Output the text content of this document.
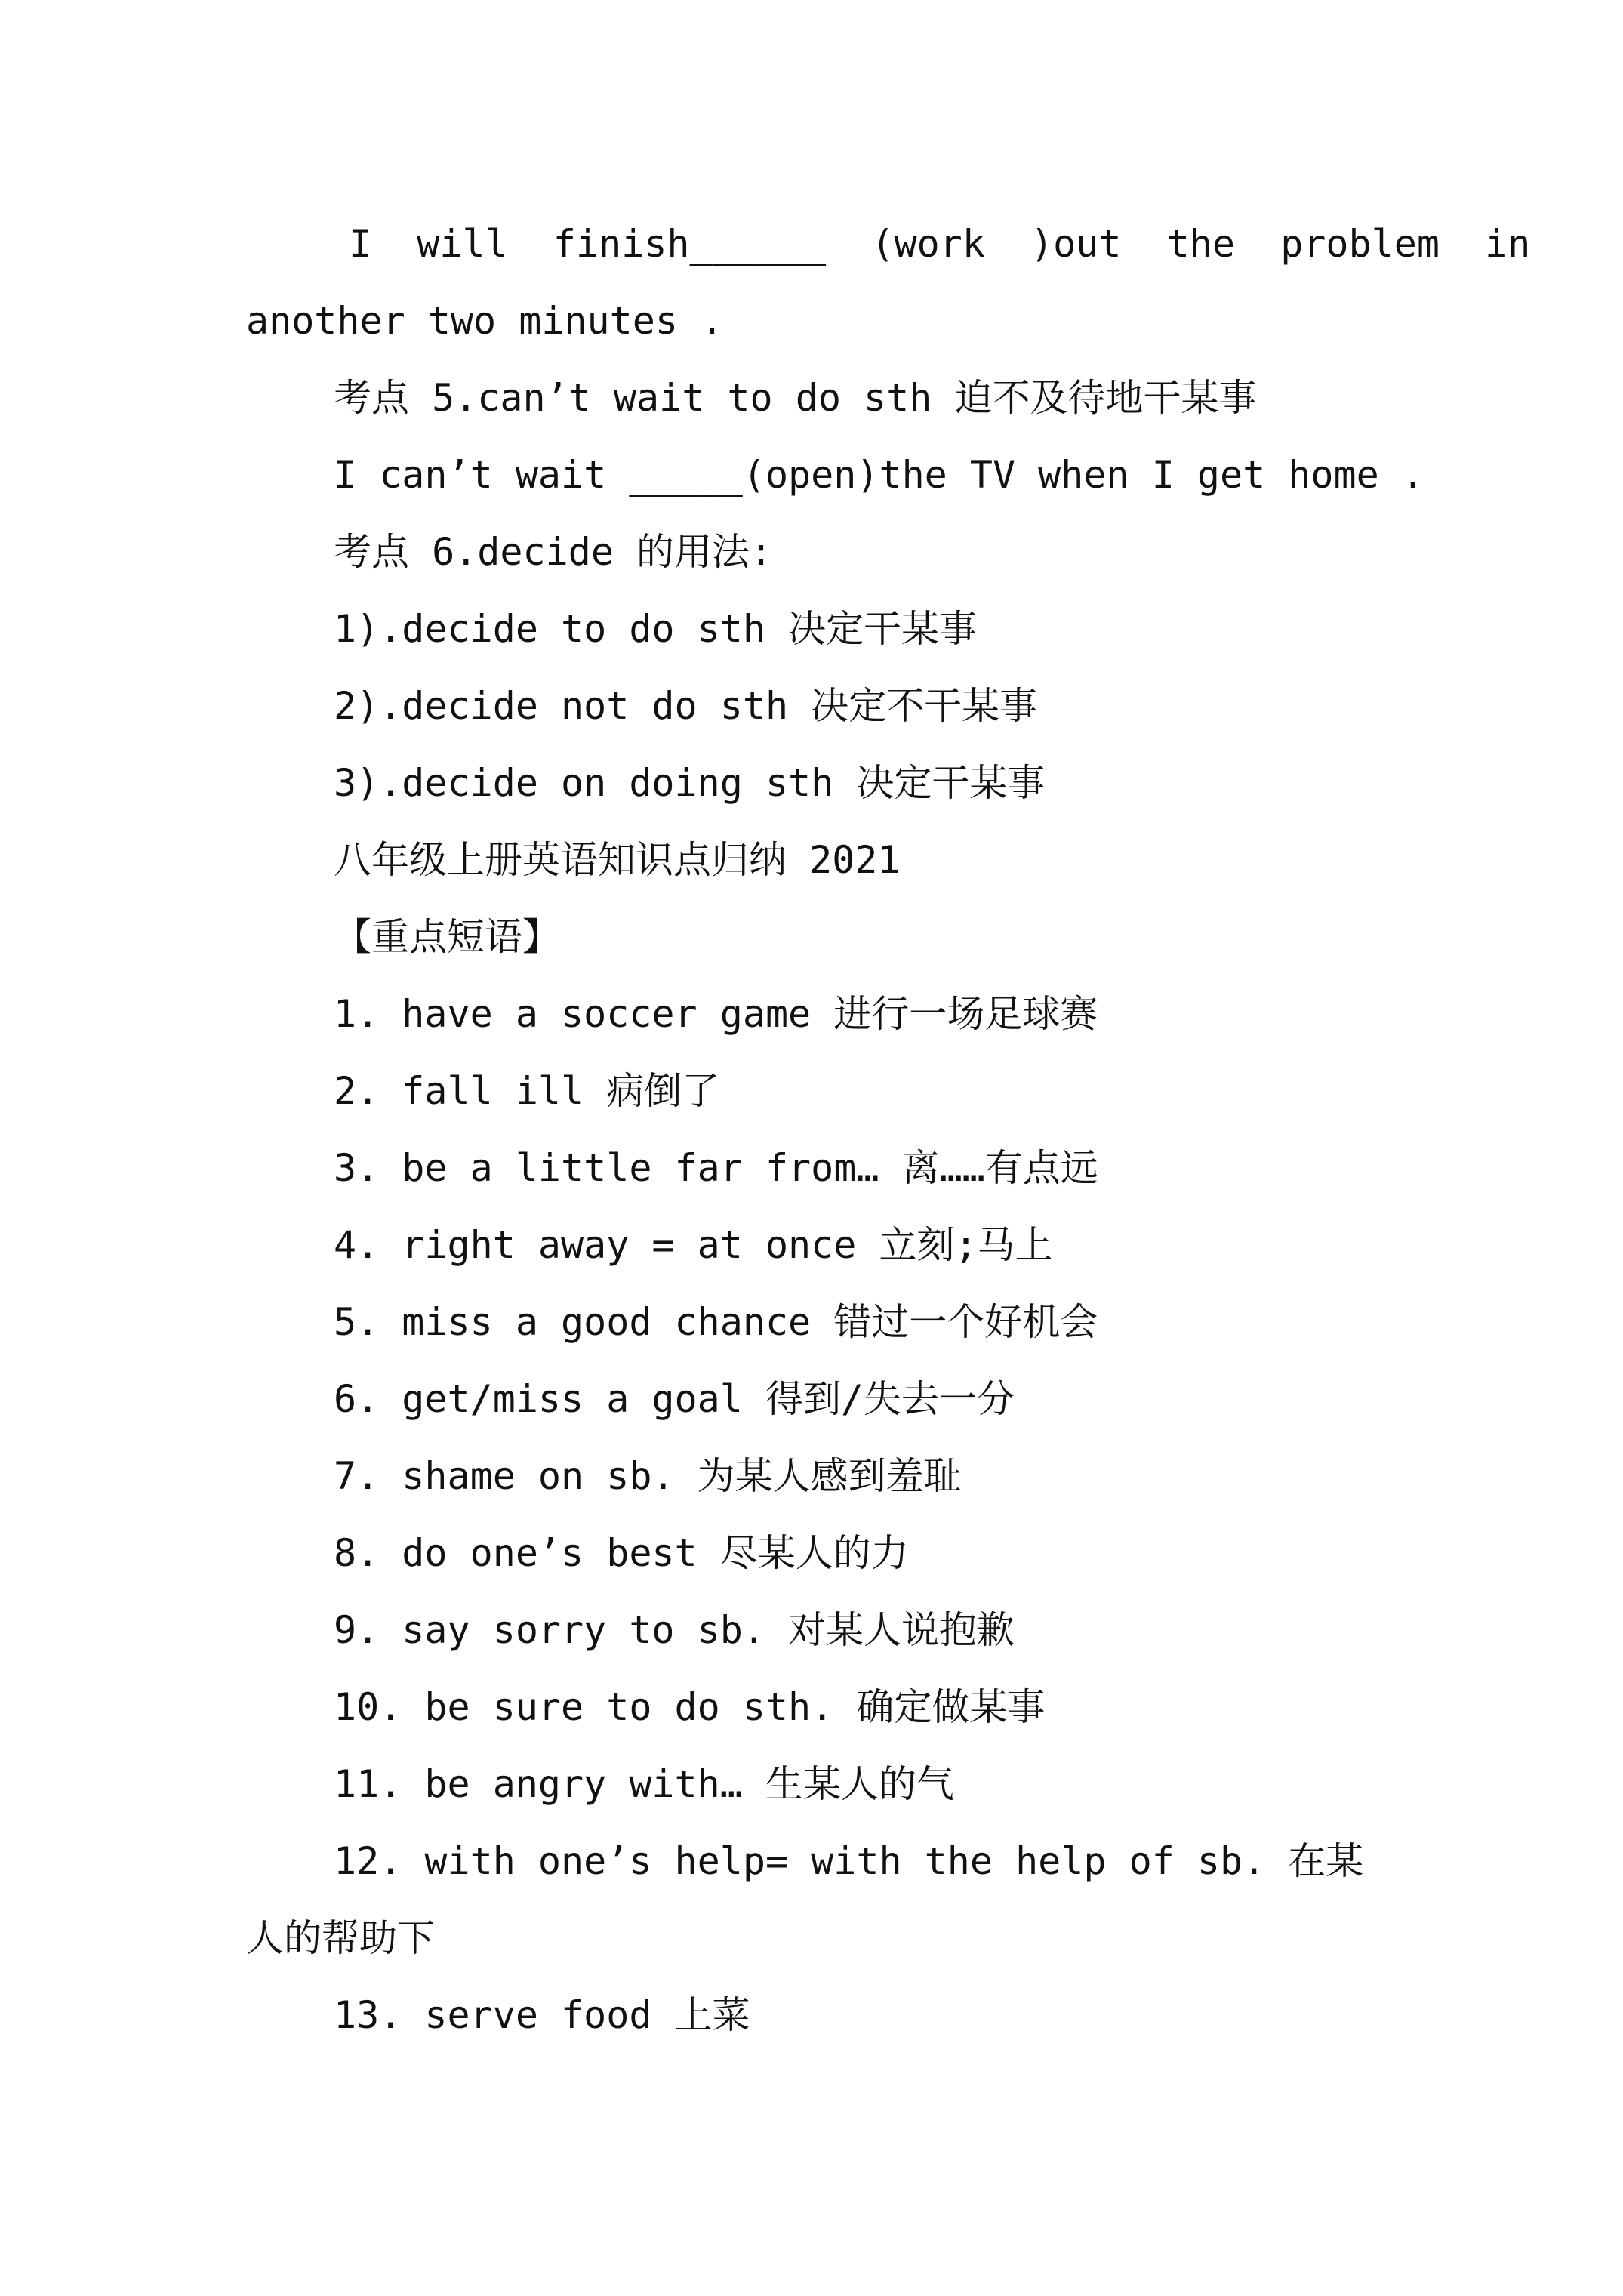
I  will  finish______  (work  )out  the  problem  in
another two minutes .
考点 5.can’t wait to do sth 迫不及待地干某事
I can’t wait _____(open)the TV when I get home .
考点 6.decide 的用法:
1).decide to do sth 决定干某事
2).decide not do sth 决定不干某事
3).decide on doing sth 决定干某事
八年级上册英语知识点归纳 2021
【重点短语】
1. have a soccer game 进行一场足球赛
2. fall ill 病倒了
3. be a little far from… 离……有点远
4. right away = at once 立刻;马上
5. miss a good chance 错过一个好机会
6. get/miss a goal 得到/失去一分
7. shame on sb. 为某人感到羞耻
8. do one’s best 尽某人的力
9. say sorry to sb. 对某人说抱歉
10. be sure to do sth. 确定做某事
11. be angry with… 生某人的气
12. with one’s help= with the help of sb. 在某
人的帮助下
13. serve food 上菜
